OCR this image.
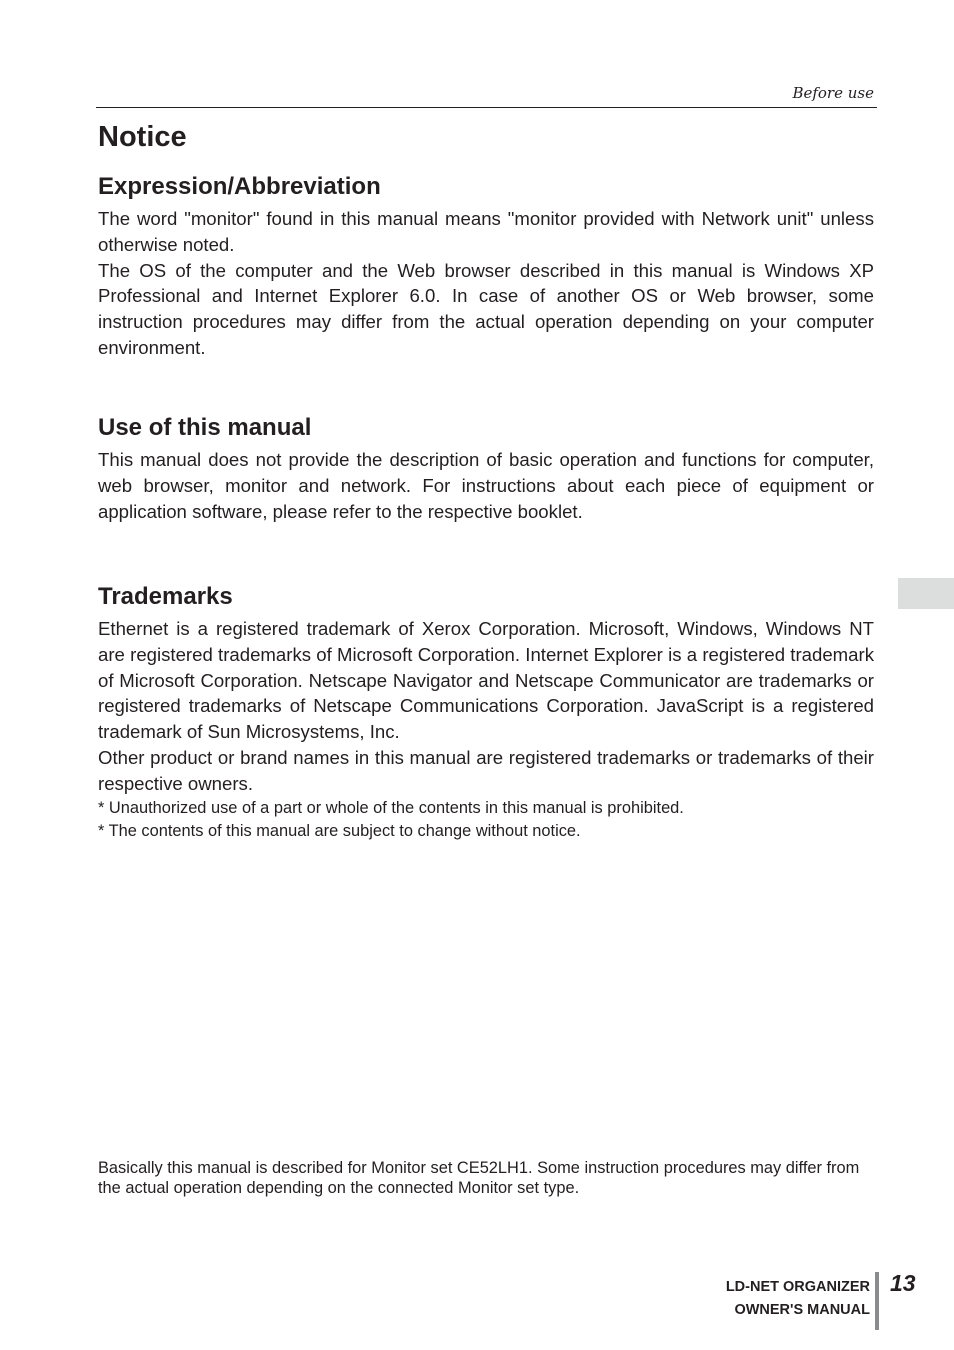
Before use
Notice
Expression/Abbreviation

The word "monitor" found in this manual means "monitor provided with Network unit" unless otherwise noted.

The OS of the computer and the Web browser described in this manual is Windows XP Professional and Internet Explorer 6.0. In case of another OS or Web browser, some instruction procedures may differ from the actual operation depending on your computer environment.

Use of this manual

This manual does not provide the description of basic operation and functions for computer, web browser, monitor and network. For instructions about each piece of equipment or application software, please refer to the respective booklet.

Trademarks

Ethernet is a registered trademark of Xerox Corporation. Microsoft, Windows, Windows NT are registered trademarks of Microsoft Corporation. Internet Explorer is a registered trademark of Microsoft Corporation. Netscape Navigator and Netscape Communicator are trademarks or registered trademarks of Netscape Communications Corporation. JavaScript is a registered trademark of Sun Microsystems, Inc.

Other product or brand names in this manual are registered trademarks or trademarks of their respective owners.

* Unauthorized use of a part or whole of the contents in this manual is prohibited.

* The contents of this manual are subject to change without notice.

Basically this manual is described for Monitor set CE52LH1. Some instruction procedures may differ from the actual operation depending on the connected Monitor set type.

LD-NET ORGANIZER
OWNER'S MANUAL
13
